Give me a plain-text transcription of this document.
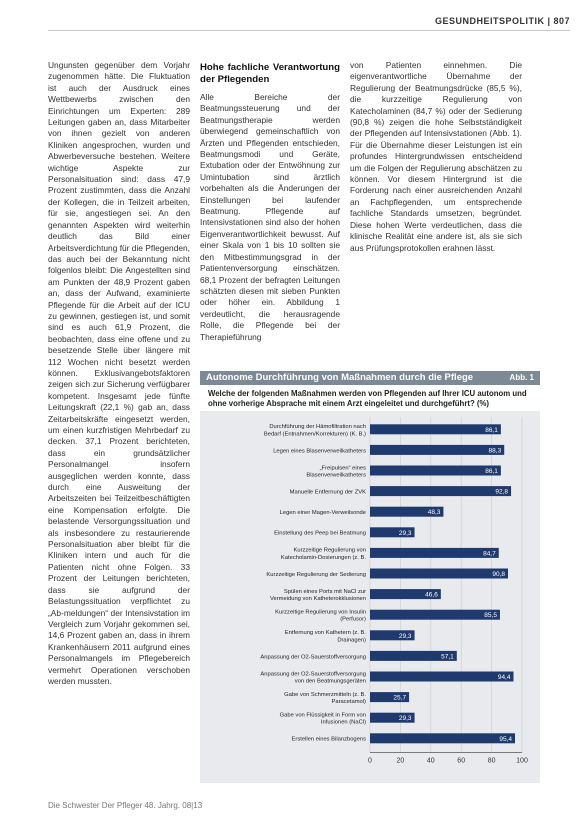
GESUNDHEITSPOLITIK | 807

Ungunsten gegenüber dem Vorjahr zugenommen hätte. Die Fluktuation ist auch der Ausdruck eines Wettbewerbs zwischen den Einrichtungen um Experten: 289 Leitungen gaben an, dass Mitarbeiter von ihnen gezielt von anderen Kliniken angesprochen, wurden und Abwerbeversuche bestehen. Weitere wichtige Aspekte zur Personalsituation sind: dass 47,9 Prozent zustimmten, dass die Anzahl der Kollegen, die in Teilzeit arbeiten, für sie, angestiegen sei. An den genannten Aspekten wird weiterhin deutlich das Bild einer Arbeitsverdichtung für die Pflegenden, das auch bei der Bekanntung nicht folgenlos bleibt: Die Angestellten sind am Punkten der 48,9 Prozent gaben an, dass der Aufwand, examinierte Pflegende für die Arbeit auf der ICU zu gewinnen, gestiegen ist, und somit sind es auch 61,9 Prozent, die beobachten, dass eine offene und zu besetzende Stelle über längere mit 112 Wochen nicht besetzt werden können. Exklusivangebotsfaktoren zeigen sich zur Sicherung verfügbarer kompetent. Insgesamt jede fünfte Leitungskraft (22,1 %) gab an, dass Zeitarbeitskräfte eingesetzt werden, um einen kurzfristigen Mehrbedarf zu decken. 37,1 Prozent berichteten, dass ein grundsätzlicher Personalmangel insofern ausgeglichen werden konnte, dass durch eine Ausweitung der Arbeitszeiten bei Teilzeitbeschäftigten eine Kompensation erfolgte. Die belastende Versorgungssituation und als insbesondere zu restaurierende Personalsituation aber bleibt für die Kliniken intern und auch für die Patienten nicht ohne Folgen. 33 Prozent der Leitungen berichteten, dass sie aufgrund der Belastungssituation verpflichtet zu „Ab-meldungen“ der Intensivstation im Vergleich zum Vorjahr gekommen sei, 14,6 Prozent gaben an, dass in ihrem Krankenhäusern 2011 aufgrund eines Personalmangels im Pflegebereich vermehrt Operationen verschoben werden mussten.

Hohe fachliche Verantwortung der Pflegenden

Alle Bereiche der Beatmungssteuerung und der Beatmungstherapie werden überwiegend gemeinschaftlich von Ärzten und Pflegenden entschieden, Beatmungsmodi und Geräte, Extubation oder der Entwöhnung zur Umintubation sind ärztlich vorbehalten als die Änderungen der Einstellungen bei laufender Beatmung. Pflegende auf Intensivstationen sind also der hohen Eigenverantwortlichkeit bewusst. Auf einer Skala von 1 bis 10 sollten sie den Mitbestimmungsgrad in der Patientenversorgung einschätzen. 68,1 Prozent der befragten Leitungen schätzten diesen mit sieben Punkten oder höher ein. Abbildung 1 verdeutlicht, die herausragende Rolle, die Pflegende bei der Therapieführung

von Patienten einnehmen. Die eigenverantwortliche Übernahme der Regulierung der Beatmungsdrücke (85,5 %), die kurzzeitige Regulierung von Katecholaminen (84,7 %) oder der Sedierung (90,8 %) zeigen die hohe Selbstständigkeit der Pflegenden auf Intensivstationen (Abb. 1). Für die Übernahme dieser Leistungen ist ein profundes Hintergrundwissen entscheidend um die Folgen der Regulierung abschätzen zu können. Vor diesem Hintergrund ist die Forderung nach einer ausreichenden Anzahl an Fachpflegenden, um entsprechende fachliche Standards umsetzen, begründet. Diese hohen Werte verdeutlichen, dass die klinische Realität eine andere ist, als sie sich aus Prüfungsprotokollen erahnen lässt.

Autonome Durchführung von Maßnahmen durch die Pflege	Abb. 1
Welche der folgenden Maßnahmen werden von Pflegenden auf Ihrer ICU autonom und ohne vorherige Absprache mit einem Arzt eingeleitet und durchgeführt? (%)
0	20	40	60	80	100
Durchführung der Hämofiltration nach Bedarf (Entnahmen/Korrekturen) (K. B.)
86,1
Legen eines Blasenverweilkatheters	88,3
„Freipulsen“ eines Blasenverweilkatheters
86,1
Manuelle Entfernung der ZVK	92,8
Legen einer Magen-Verweilsonde	48,3
Einstellung des Peep bei Beatmung	29,3
Kurzzeitige Regulierung von Katecholamin-Dosierungen (z. B.
84,7
Kurzzeitige Regulierung der Sedierung	90,8
Spülen eines Ports mit NaCl zur Vermeidung von Katheterokklusionen
46,6
Kurzzeitige Regulierung von Insulin (Perfusor)
85,5
Entfernung von Kathetern (z. B. Drainagen)
29,3
Anpassung der O2-Sauerstoffversorgung	57,1
Anpassung der O2-Sauerstoffversorgung von den Beatmungsgeräten
94,4
Gabe von Schmerzmitteln (z. B. Paracetamol)
25,7
Gabe von Flüssigkeit in Form von Infusionen (NaCl)
29,3
Erstellen eines Bilanzbogens	95,4
Die Schwester Der Pfleger 48. Jahrg. 08|13
